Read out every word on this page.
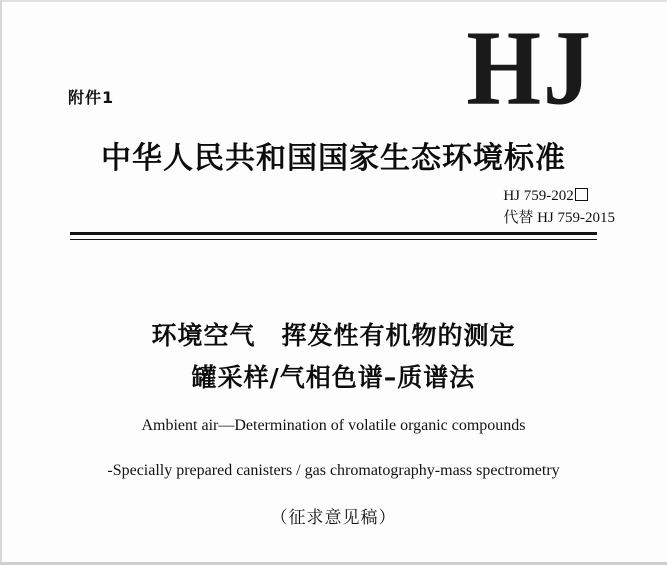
HJ
附件1
中华人民共和国国家生态环境标准
HJ 759-202
代替 HJ 759-2015
环境空气　挥发性有机物的测定
罐采样/气相色谱–质谱法
Ambient air—Determination of volatile organic compounds
-Specially prepared canisters / gas chromatography-mass spectrometry
（征求意见稿）
